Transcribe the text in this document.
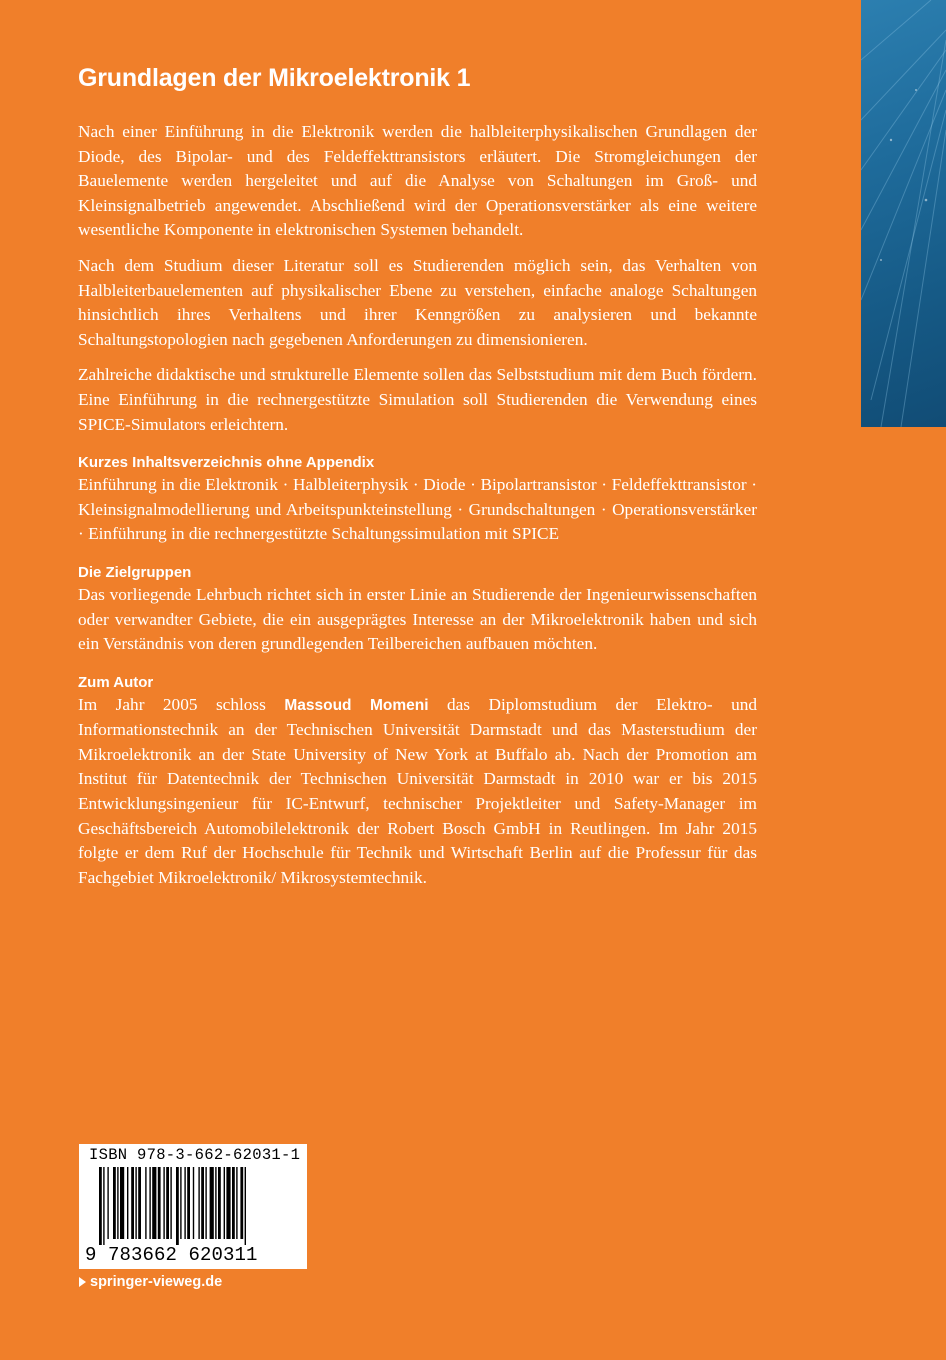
Grundlagen der Mikroelektronik 1

Nach einer Einführung in die Elektronik werden die halbleiterphysikalischen Grundlagen der Diode, des Bipolar- und des Feldeffekttransistors erläutert. Die Stromgleichungen der Bauelemente werden hergeleitet und auf die Analyse von Schaltungen im Groß- und Kleinsignalbetrieb angewendet. Abschließend wird der Operationsverstärker als eine weitere wesentliche Komponente in elektronischen Systemen behandelt.

Nach dem Studium dieser Literatur soll es Studierenden möglich sein, das Verhalten von Halbleiterbauelementen auf physikalischer Ebene zu verstehen, einfache analoge Schaltungen hinsichtlich ihres Verhaltens und ihrer Kenngrößen zu analysieren und bekannte Schaltungstopologien nach gegebenen Anforderungen zu dimensionieren.

Zahlreiche didaktische und strukturelle Elemente sollen das Selbststudium mit dem Buch fördern. Eine Einführung in die rechnergestützte Simulation soll Studierenden die Verwendung eines SPICE-Simulators erleichtern.

Kurzes Inhaltsverzeichnis ohne Appendix

Einführung in die Elektronik · Halbleiterphysik · Diode · Bipolartransistor · Feldeffekttransistor · Kleinsignalmodellierung und Arbeitspunkteinstellung · Grundschaltungen · Operationsverstärker · Einführung in die rechnergestützte Schaltungssimulation mit SPICE

Die Zielgruppen

Das vorliegende Lehrbuch richtet sich in erster Linie an Studierende der Ingenieurwissenschaften oder verwandter Gebiete, die ein ausgeprägtes Interesse an der Mikroelektronik haben und sich ein Verständnis von deren grundlegenden Teilbereichen aufbauen möchten.

Zum Autor

Im Jahr 2005 schloss Massoud Momeni das Diplomstudium der Elektro- und Informationstechnik an der Technischen Universität Darmstadt und das Masterstudium der Mikroelektronik an der State University of New York at Buffalo ab. Nach der Promotion am Institut für Datentechnik der Technischen Universität Darmstadt in 2010 war er bis 2015 Entwicklungsingenieur für IC-Entwurf, technischer Projektleiter und Safety-Manager im Geschäftsbereich Automobilelektronik der Robert Bosch GmbH in Reutlingen. Im Jahr 2015 folgte er dem Ruf der Hochschule für Technik und Wirtschaft Berlin auf die Professur für das Fachgebiet Mikroelektronik/ Mikrosystemtechnik.

ISBN 978-3-662-62031-1
9 783662 620311
springer-vieweg.de
